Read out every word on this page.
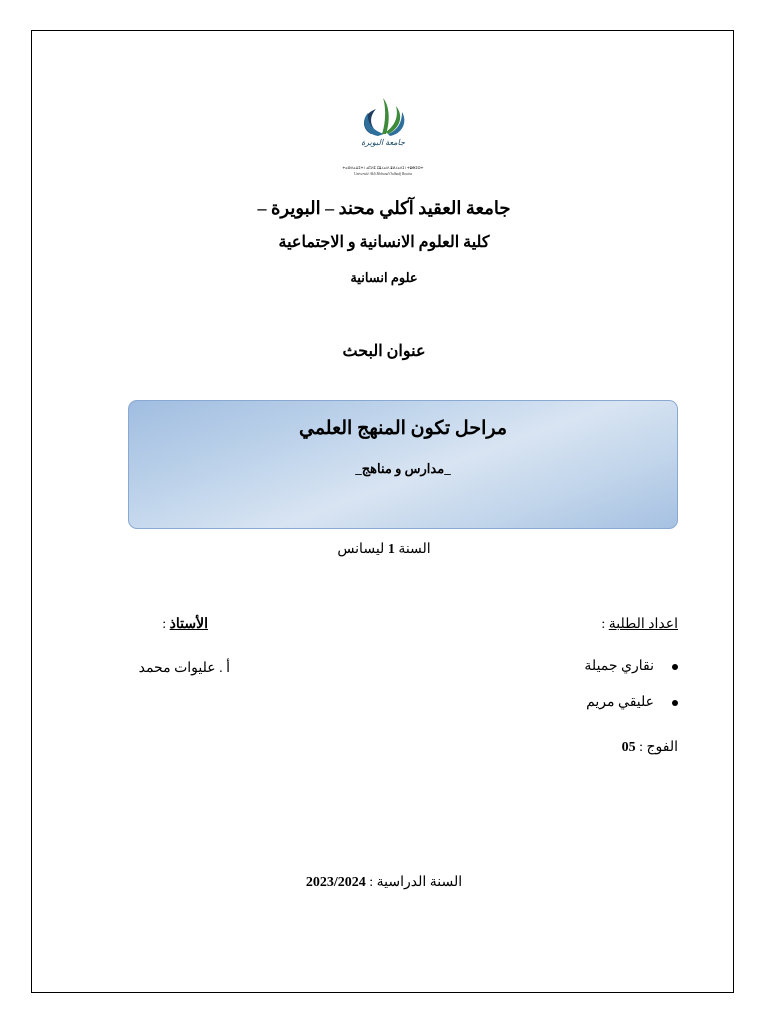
جامعة البويرة
ⵜⴰⵙⴷⴰⵡⵉⵜ ⵏ ⴰⴽⵍⵉ ⵎⵓⵃⴰⵏⴷ ⵓⵍⵃⴰⴷⵊ ⵏ ⵜⵓⴱⵉⵔⵜ
Université Akli Mohand Oulhadj Bouira
جامعة العقيد آكلي محند – البويرة –
كلية العلوم الانسانية و الاجتماعية
علوم انسانية
عنوان البحث
مراحل تكون المنهج العلمي
_مدارس و مناهج_
السنة 1 ليسانس
اعداد الطلبة :
الأستاذ :
نقاري جميلة
عليقي مريم
أ . عليوات محمد
الفوج : 05
السنة الدراسية : 2023/2024
